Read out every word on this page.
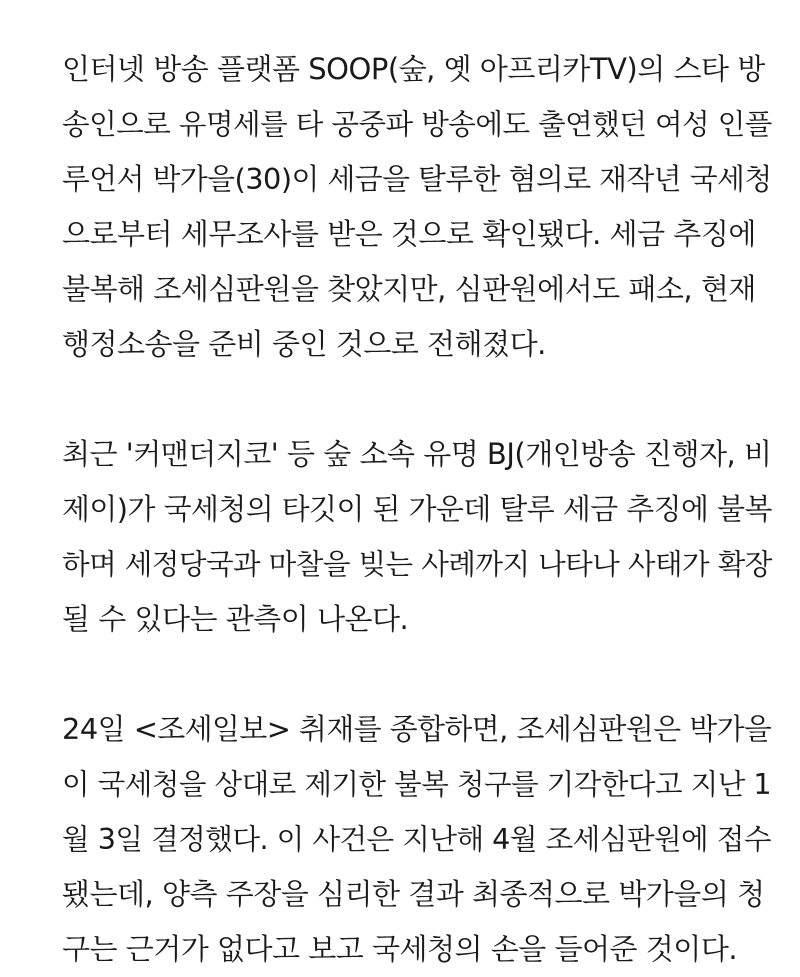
인터넷 방송 플랫폼 SOOP(숲, 옛 아프리카TV)의 스타 방
송인으로 유명세를 타 공중파 방송에도 출연했던 여성 인플
루언서 박가을(30)이 세금을 탈루한 혐의로 재작년 국세청
으로부터 세무조사를 받은 것으로 확인됐다. 세금 추징에
불복해 조세심판원을 찾았지만, 심판원에서도 패소, 현재
행정소송을 준비 중인 것으로 전해졌다.

최근 '커맨더지코' 등 숲 소속 유명 BJ(개인방송 진행자, 비
제이)가 국세청의 타깃이 된 가운데 탈루 세금 추징에 불복
하며 세정당국과 마찰을 빚는 사례까지 나타나 사태가 확장
될 수 있다는 관측이 나온다.

24일 <조세일보> 취재를 종합하면, 조세심판원은 박가을
이 국세청을 상대로 제기한 불복 청구를 기각한다고 지난 1
월 3일 결정했다. 이 사건은 지난해 4월 조세심판원에 접수
됐는데, 양측 주장을 심리한 결과 최종적으로 박가을의 청
구는 근거가 없다고 보고 국세청의 손을 들어준 것이다.
